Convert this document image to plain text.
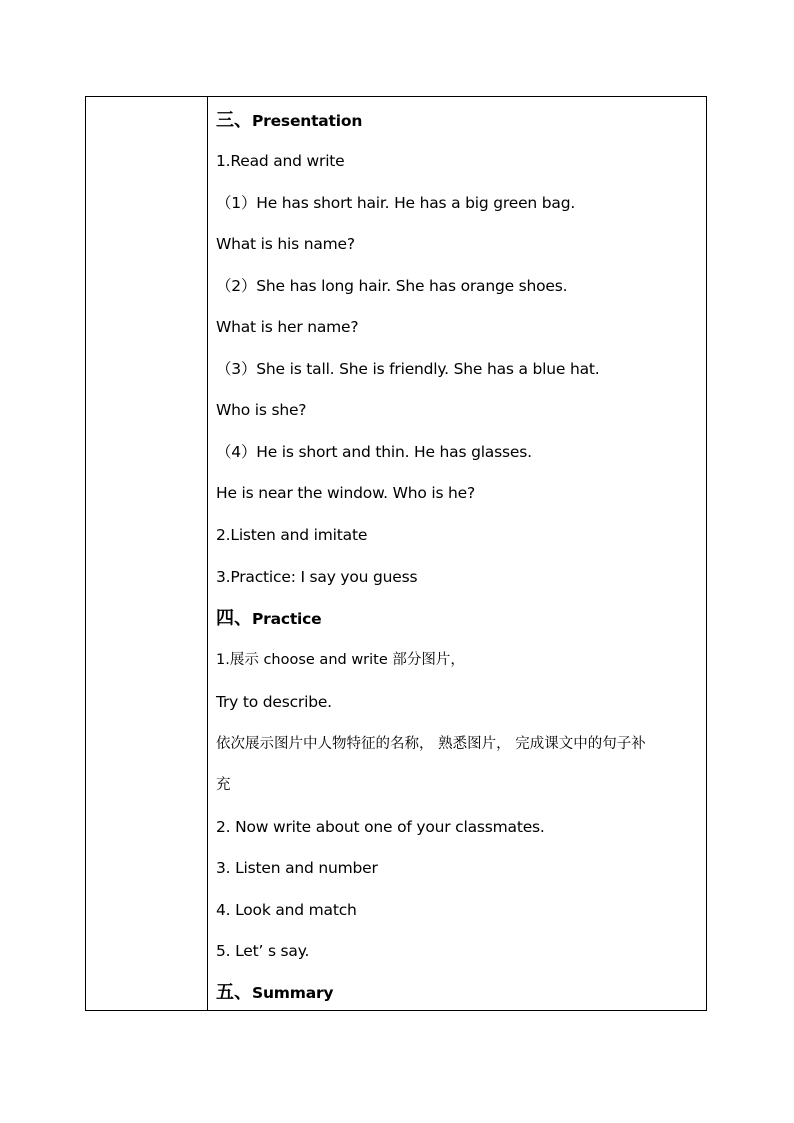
三、Presentation
1.Read and write
（1）He has short hair. He has a big green bag.
What is his name?
（2）She has long hair. She has orange shoes.
What is her name?
（3）She is tall. She is friendly. She has a blue hat.
Who is she?
（4）He is short and thin. He has glasses.
He is near the window. Who is he?
2.Listen and imitate
3.Practice: I say you guess
四、Practice
1.展示 choose and write 部分图片，
Try to describe.
依次展示图片中人物特征的名称， 熟悉图片， 完成课文中的句子补
充
2. Now write about one of your classmates.
3. Listen and number
4. Look and match
5. Let’ s say.
五、Summary
